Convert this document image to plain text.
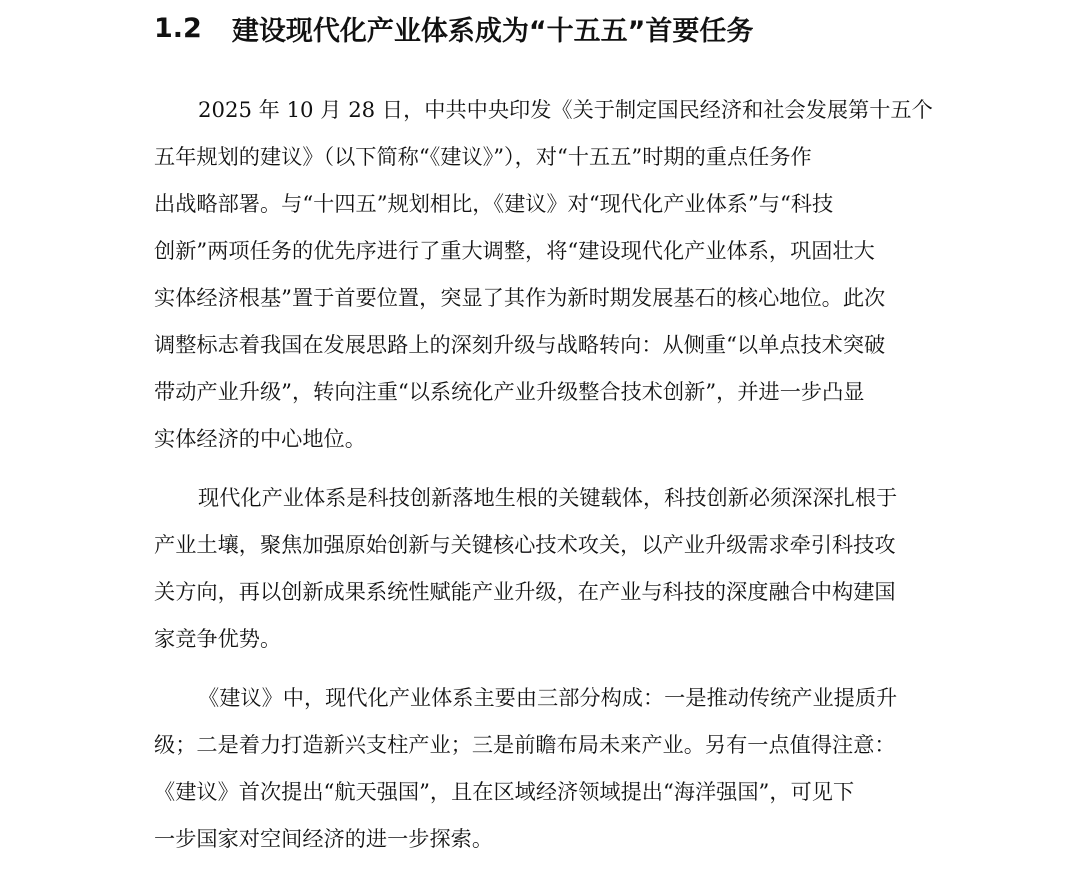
1.2 建设现代化产业体系成为“十五五”首要任务
2025 年 10 月 28 日，中共中央印发《关于制定国民经济和社会发展第十五个
五年规划的建议》（以下简称“《建议》”），对“十五五”时期的重点任务作
出战略部署。与“十四五”规划相比，《建议》对“现代化产业体系”与“科技
创新”两项任务的优先序进行了重大调整，将“建设现代化产业体系，巩固壮大
实体经济根基”置于首要位置，突显了其作为新时期发展基石的核心地位。此次
调整标志着我国在发展思路上的深刻升级与战略转向：从侧重“以单点技术突破
带动产业升级”，转向注重“以系统化产业升级整合技术创新”，并进一步凸显
实体经济的中心地位。
现代化产业体系是科技创新落地生根的关键载体，科技创新必须深深扎根于
产业土壤，聚焦加强原始创新与关键核心技术攻关，以产业升级需求牵引科技攻
关方向，再以创新成果系统性赋能产业升级，在产业与科技的深度融合中构建国
家竞争优势。
《建议》中，现代化产业体系主要由三部分构成：一是推动传统产业提质升
级；二是着力打造新兴支柱产业；三是前瞻布局未来产业。另有一点值得注意：
《建议》首次提出“航天强国”，且在区域经济领域提出“海洋强国”，可见下
一步国家对空间经济的进一步探索。
